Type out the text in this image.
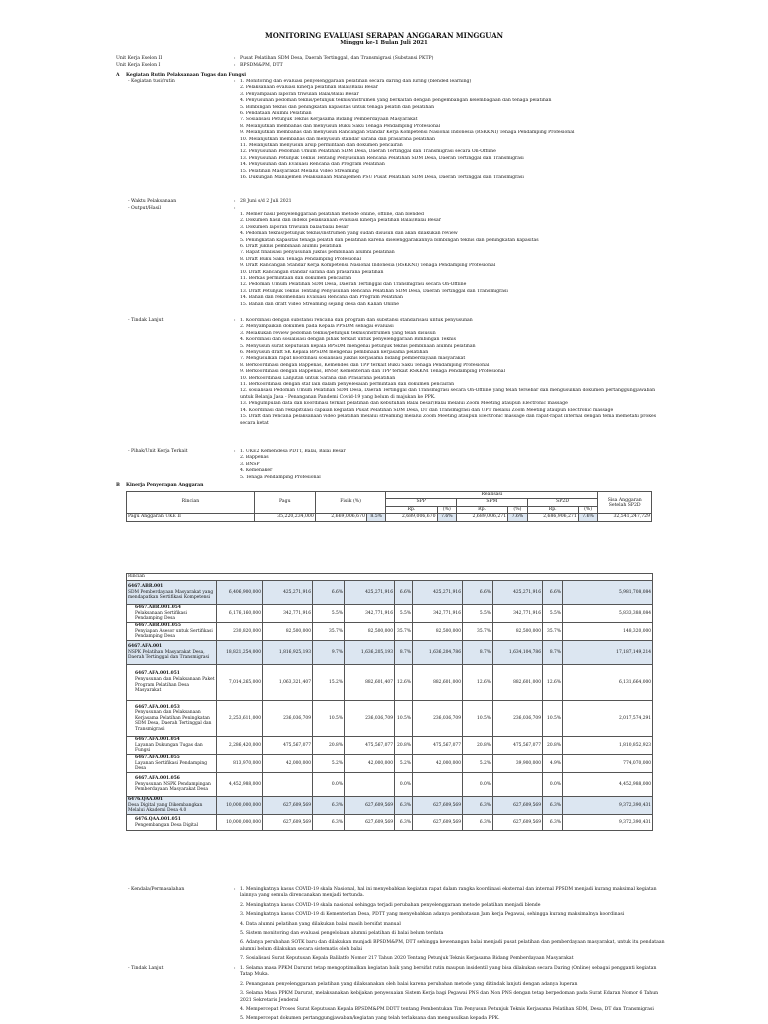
MONITORING EVALUASI SERAPAN ANGGARAN MINGGUAN
Minggu ke-1 Bulan Juli 2021
Unit Kerja Eselon II	: Pusat Pelatihan SDM Desa, Daerah Tertinggal, dan Transmigrasi (Substansi PKTP)
Unit Kerja Eselon I	: BPSDM&PM, DTT
A Kegiatan Rutin Pelaksanaan Tugas dan Fungsi
- Kegiatan tusi/rutin	: 1. Monitoring dan evaluasi penyelenggaraan pelatihan secara daring dan luring (blended learning)
2. Pelaksanaan evaluasi kinerja pelatihan Balai/Balai Besar
3. Penyampaian laporan triwulan Balai/Balai Besar
4. Penyusunan pedoman teknis/petunjuk teknis/instrumen yang berkaitan dengan pengembangan kelembagaan dan tenaga pelatihan
5. Bimbingan teknis dan peningkatan kapasitas untuk tenaga pelatih dan pelatihan
6. Pendataan Alumni Pelatihan
7. Sosialisasi Petunjuk Teknis Kerjasama Bidang Pemberdayaan Masyarakat
8. Melanjutkan membahas dan menyusun Buku Saku Tenaga Pendamping Profesional
9. Melanjutkan membahas dan menyusun Rancangan Standar Kerja Kompetensi Nasional Indonesia (RSKKNI) Tenaga Pendamping Profesional
10. Melanjutkan membahas dan menyusun standar sarana dan prasarana pelatihan
11. Melanjutkan menyusun arsip permintaan dan dokumen pencairan
12. Penyusunan Pedoman Umum Pelatihan SDM Desa, Daerah Tertinggal dan Transmigrasi secara On-Offline
13. Penyusunan Petunjuk Teknis Tentang Penyusunan Rencana Pelatihan SDM Desa, Daerah Tertinggal dan Transmigrasi
14. Penyusunan dan Evaluasi Rencana dan Program Pelatihan
15. Pelatihan Masyarakat Melalui Video Streaming
16. Dukungan Manajemen Pelaksanaan Manajemen PSU Pusat Pelatihan SDM Desa, Daerah Tertinggal dan Transmigrasi
- Waktu Pelaksanaan	: 28 Juni s/d 2 Juli 2021
- Output/Hasil	:
1. Memer hasil penyelenggaraan pelatihan metode online, offline, dan blended
2. Dokumen hasil dan indeks pelaksanaan evaluasi kinerja pelatihan Balai/Balai Besar
3. Dokumen laporan triwulan balai/balai besar
4. Pedoman teknis/petunjuk teknis/instrumen yang sudah disusun dan akan dilakukan review
5. Peningkatan kapasitas tenaga pelatih dan pelatihan karena diselenggarakannya bimbingan teknis dan peningkatan kapasitas
6. Draft juknis pembinaan alumni pelatihan
7. Rapat finalisasi penyusunan juknis pembinaan alumni pelatihan
8. Draft Buku Saku Tenaga Pendamping Profesional
9. Draft Rancangan Standar Kerja Kompetensi Nasional Indonesia (RSKKNI) Tenaga Pendamping Profesional
10. Draft Rancangan standar sarana dan prasarana pelatihan
11. Berkas permintaan dan dokumen pencairan
12. Pedoman Umum Pelatihan SDM Desa, Daerah Tertinggal dan Transmigrasi secara On-Offline
13. Draft Petunjuk Teknis Tentang Penyusunan Rencana Pelatihan SDM Desa, Daerah Tertinggal dan Transmigrasi
14. Bahan dan rekomendasi Evaluasi Rencana dan Program Pelatihan
15. Bahan dan draft Video Streaming sejang desa dan Kaliah Online
- Tindak Lanjut	: 1. Koordinasi dengan substansi rencana dan program dan substansi standarisasi untuk penyusunan
2. Menyampaikan dokumen pada Kepala PPSDM sebagai evaluasi
3. Melakukan review pedoman teknis/petunjuk teknis/instrumen yang telah disusun
4. Koordinasi dan sosialisasi dengan pihak terkait untuk penyelenggaraan Bimbingan Teknis
5. Menyusun surat keputusan kepala BPSDM mengenai petunjuk teknis pembinaan alumni pelatihan
6. Menyusun draft SK Kepala BPSDM mengenai pembinaan kerjasama pelatihan
7. Mengusulkan rapat koordinasi sosialisasi juknis kerjasama bidang pemberdayaan masyarakat
8. Berkoordinasi dengan Bappenas, Kemendes dan TPP terkait Buku Saku Tenaga Pendamping Profesional
9. Berkoordinasi dengan Bappenas, BNSP, Kementerian dan TPP terkait RSKKNI Tenaga Pendamping Profesional
10. Berkoordinasi Lanjutan untuk Sarana dan Prasarana pelatihan
11. Berkoordinasi dengan staf lain dalam penyelesaian permintaan dan dokumen pencairan
12. sosialisasi Pedoman Umum Pelatihan SDM Desa, Daerah Tertinggal dan Transmigrasi secara On-Offline yang telah tersebar dan mengusulkan dokumen pertanggungjawaban untuk Belanja Jasa - Penanganan Pandemi Covid-19 yang belum di majukan ke PPK.
13. Pengumpulan data dan koordinasi terkait pelatihan dan kebutuhan Balai besar/Balai melalui Zoom Meeting ataupun Electronic massage
14. Koordinasi dan rekapitulasi capaian kegiatan Pusat Pelatihan SDM Desa, DT dan Transmigrasi dan UPT melalui Zoom Meeting ataupun Electronic massage
15. Draft dan rencana pelaksanaan video pelatihan melalui streaming melalui Zoom Meeting ataupun Electronic massage dan rapat-rapat internal dengan tema memetahi prokes secara ketat
- Pihak/Unit Kerja Terkait	: 1. UKE2 Kemendesa PDTT, Balai, Balai Besar
2. Bappenas
3. BNSP
4. Kemenaker
5. Tenaga Pendamping Profesional
B Kinerja Penyerapan Anggaran
Rincian	Pagu	Fisik (%)		Realisasi						Sisa Anggaran Setelah SP2D
				SPP		SPM		SP2D		
				Rp.	(%)	Rp.	(%)	Rp.	(%)	
Pagu Anggaran UKE II	35,220,234,000	2,669,006,670	8.5%	2,689,006,670	7.6%	2,689,006,271	7.6%	2,686,906,271	7.6%	32,541,247,729
Rincian										

6467.ABR.001
SDM Pemberdayaan Masyarakat yang mendapatkan Sertifikasi Kompetensi	6,406,900,000	425,271,916	6.6%	425,271,916	6.6%	425,271,916	6.6%	425,271,916	6.6%	5,981,708,084

6467.ABR.001.054
Pelaksanaan Sertifikasi Pendamping Desa	6,176,160,000	342,771,916	5.5%	342,771,916	5.5%	342,771,916	5.5%	342,771,916	5.5%	5,833,388,084

6467.ABR.001.055
Penyiapan Asesor untuk Sertifikasi Pendamping Desa	230,820,000	82,500,000	35.7%	82,500,000	35.7%	82,500,000	35.7%	82,500,000	35.7%	148,320,000

6467.AFA.001
NSPK Pelatihan Masyarakat Desa, Daerah Tertinggal dan Transmigrasi	18,821,254,000	1,816,925,193	9.7%	1,636,205,193	8.7%	1,636,204,786	8.7%	1,634,104,786	8.7%	17,187,149,214

6467.AFA.001.051
Penyusunan dan Pelaksanaan Paket Program Pelatihan Desa Masyarakat	7,014,265,000	1,063,321,407	15.2%	882,601,407	12.6%	882,601,000	12.6%	882,601,000	12.6%	6,131,664,000

6467.AFA.001.053
Penyusunan dan Pelaksanaan Kerjasama Pelatihan Peningkatan SDM Desa, Daerah Tertinggal dan Transmigrasi	2,253,611,000	236,036,709	10.5%	236,036,709	10.5%	236,036,709	10.5%	236,036,709	10.5%	2,017,574,291

6467.AFA.001.054
Layanan Dukungan Tugas dan Fungsi	2,286,420,000	475,567,077	20.8%	475,567,077	20.8%	475,567,077	20.8%	475,567,077	20.8%	1,810,852,923

6467.AFA.001.055
Layanan Sertifikasi Pendamping Desa	813,970,000	42,000,000	5.2%	42,000,000	5.2%	42,000,000	5.2%	39,900,000	4.9%	774,070,000

6467.AFA.001.056
Penyusunan NSPK Pendampingan Pemberdayaan Masyarakat Desa	4,452,988,000		0.0%		0.0%		0.0%		0.0%	4,452,988,000

6476.QAA.001
Desa Digital yang Dikembangkan Melalui Akademi Desa 4.0	10,000,000,000	627,609,569	6.3%	627,609,569	6.3%	627,609,569	6.3%	627,609,569	6.3%	9,372,390,431

6476.QAA.001.051
Pengembangan Desa Digital	10,000,000,000	627,609,569	6.3%	627,609,569	6.3%	627,609,569	6.3%	627,609,569	6.3%	9,372,390,431
- Kendala/Permasalahan	: 1. Meningkatnya kasus COVID-19 skala Nasional, hal ini menyebabkan kegiatan rapat dalam rangka koordinasi eksternal dan internal PPSDM menjadi kurang maksimal kegiatan lainnya yang semula direncanakan menjadi tertunda.
2. Meningkatnya kasus COVID-19 skala nasional sehingga terjadi perubahan penyelenggaraan metode pelatihan menjadi blende
3. Meningkatnya kasus COVID-19 di Kementerian Desa, PDTT yang menyebabkan adanya pembatasan Jam kerja Pegawai, sehingga kurang maksimalnya koordinasi
4. Data alumni pelatihan yang dilakukan balai masih bersifat manual
5. Sistem monitoring dan evaluasi pengelolaan alumni pelatihan di balai belum terdata
6. Adanya perubahan SOTK baru dan dilakukan munjadi BPSDM&PM, DTT sehingga kewenangan balai menjadi pusat pelatihan dan pemberdayaan masyarakat, untuk itu pendataan alumni belum dilakukan secara sistematis oleh balai
7. Sosialisasi Surat Keputusan Kepala Balilatfo Nomor 217 Tahun 2020 Tentang Petunjuk Teknis Kerjasama Bidang Pemberdayaan Masyarakat
- Tindak Lanjut	: 1. Selama masa PPKM Darurat tetap mengoptimalkan kegiatan baik yang bersifat rutin maupun insidentil yang bisa dilakukan secara Daring (Online) sebagai pengganti kegiatan Tatap Muka.
2. Penanganan penyelenggaraan pelatihan yang dilaksanakan oleh balai karena perubahan metode yang ditindak lanjuti dengan adanya luperan
3. Selama Masa PPKM Darurat, melaksanakan kebijakan penyesuaian Sistem Kerja bagi Pegawai PNS dan Non PNS dengan tetap berpedoman pada Surat Edaran Nomor 6 Tahun 2021 Sekretaris Jenderal
4. Mempercepat Proses Surat Keputusan Kepala BPSDM&PM DDTT tentang Pembentukan Tim Penyusun Petunjuk Teknis Kerjasama Pelatihan SDM, Desa, DT dan Transmigrasi
5. Mempercepat dokumen pertanggungjawaban/kegiatan yang telah terlaksana dan mengusulkan kepada PPK.
